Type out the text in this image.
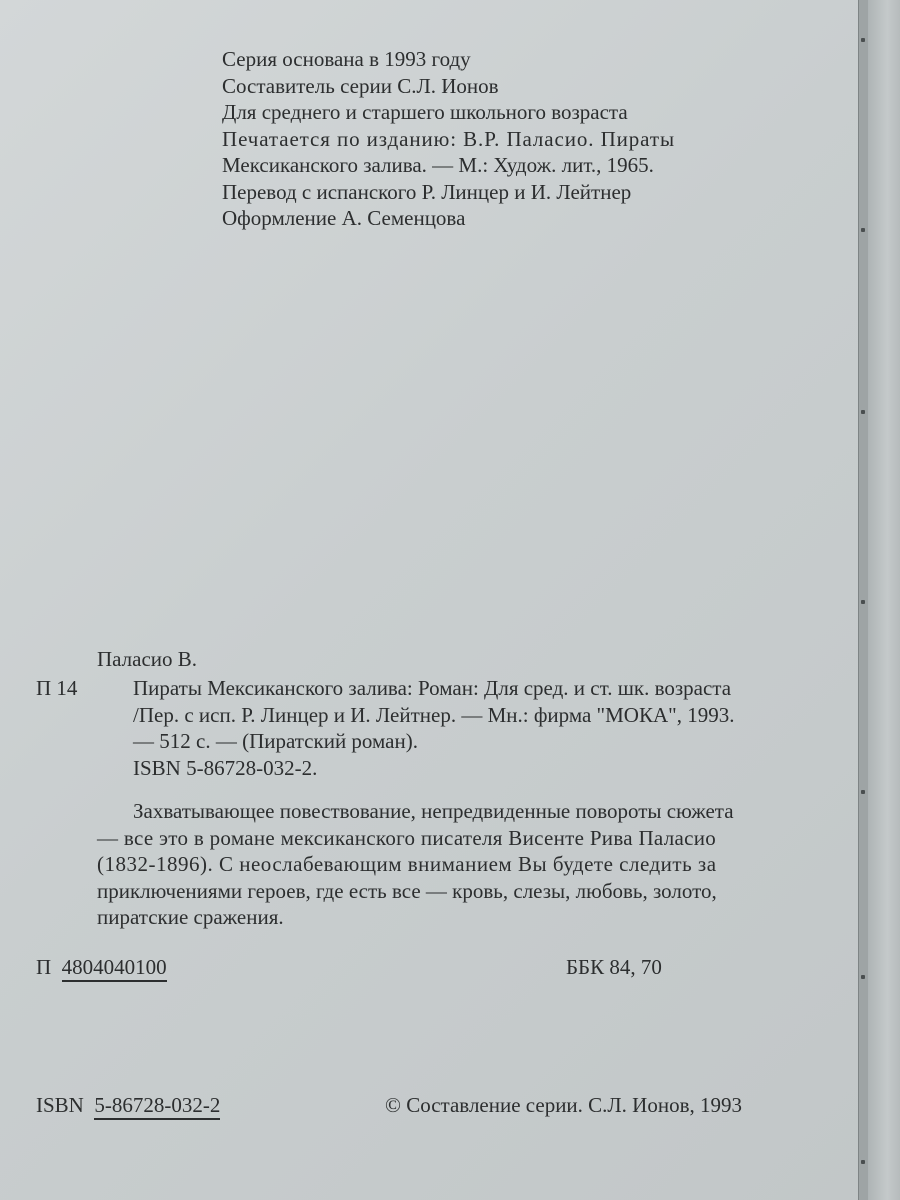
Серия основана в 1993 году
Составитель серии С.Л. Ионов
Для среднего и старшего школьного возраста
Печатается по изданию: В.Р. Паласио. Пираты
Мексиканского залива. — М.: Худож. лит., 1965.
Перевод с испанского Р. Линцер и И. Лейтнер
Оформление А. Семенцова
Паласио В.
П 14	Пираты Мексиканского залива: Роман: Для сред. и ст. шк. возраста
/Пер. с исп. Р. Линцер и И. Лейтнер. — Мн.: фирма "МОКА", 1993.
— 512 с. — (Пиратский роман).
ISBN 5-86728-032-2.
Захватывающее повествование, непредвиденные повороты сюжета
— все это в романе мексиканского писателя Висенте Рива Паласио
(1832-1896). С неослабевающим вниманием Вы будете следить за
приключениями героев, где есть все — кровь, слезы, любовь, золото,
пиратские сражения.
П 4804040100	ББК 84, 70
ISBN 5-86728-032-2	© Составление серии. С.Л. Ионов, 1993
